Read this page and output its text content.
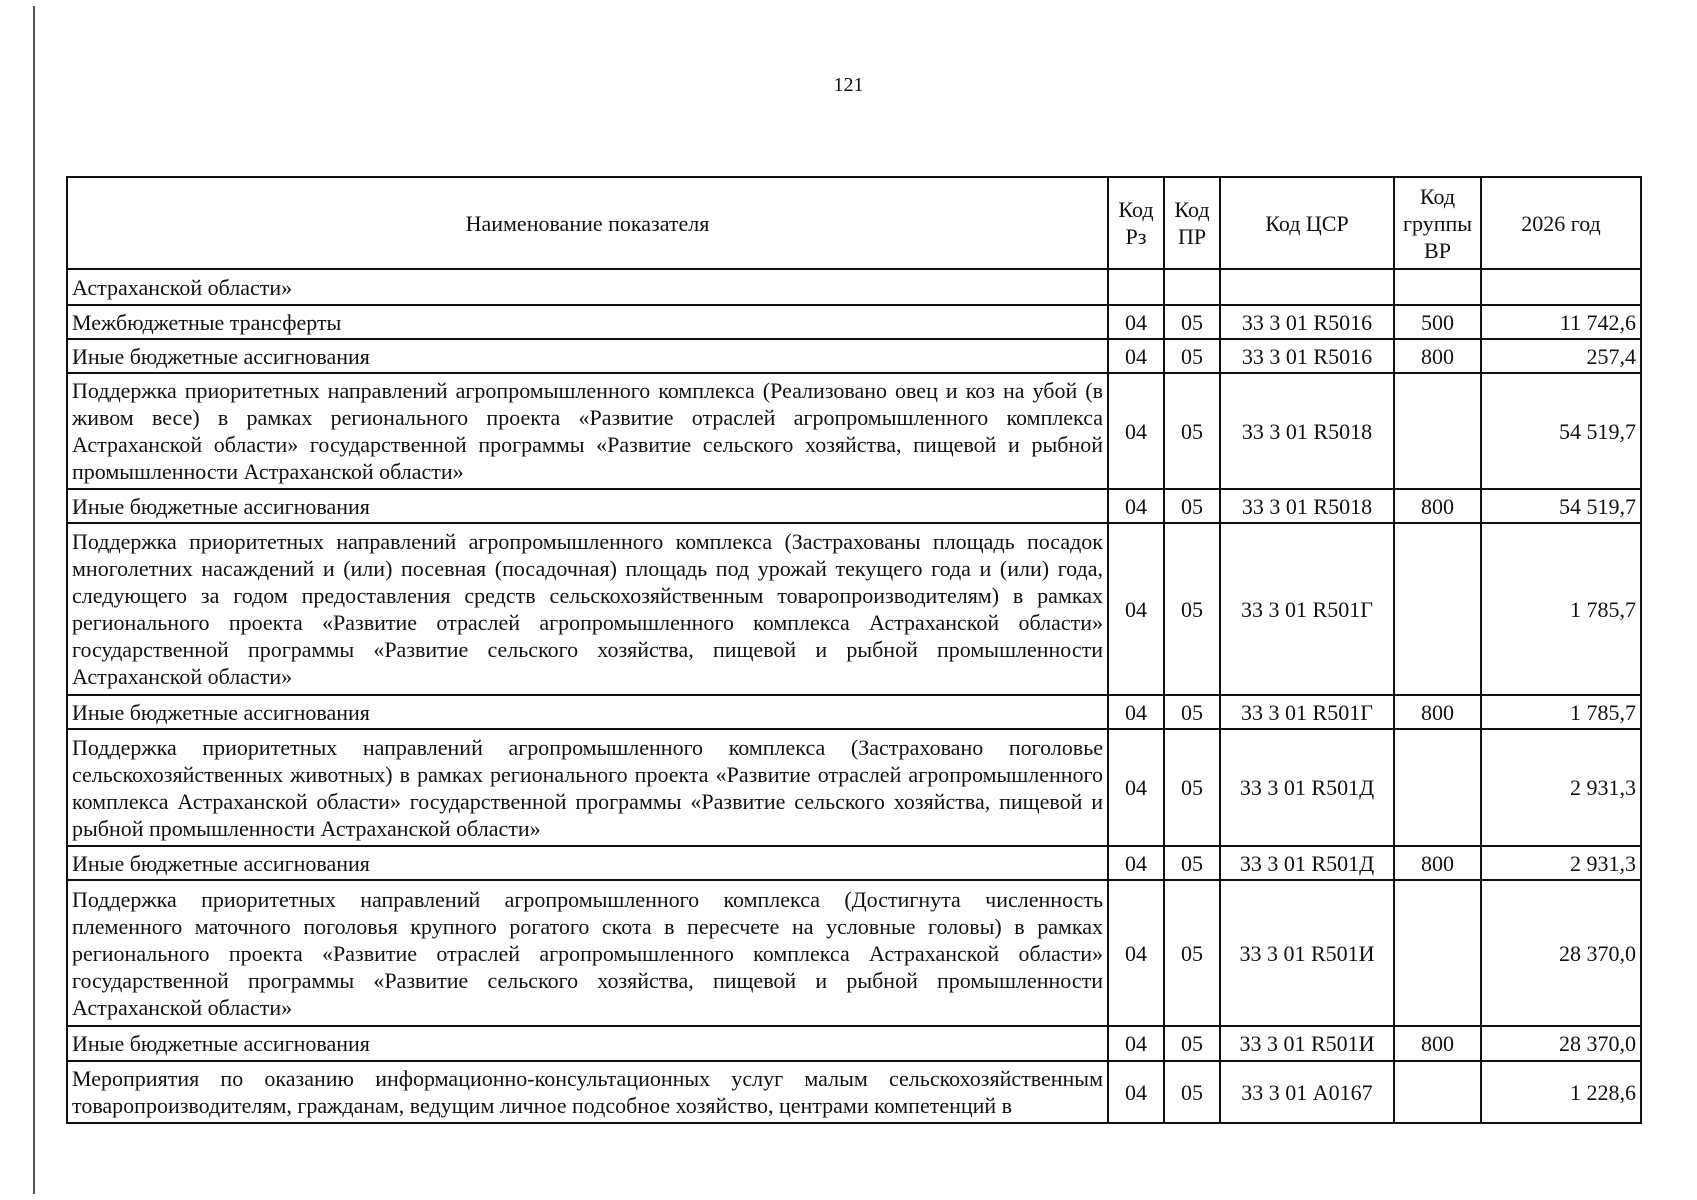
121
Наименование показателя	Код Рз	Код ПР	Код ЦСР	Код группы ВР	2026 год
Астраханской области»					
Межбюджетные трансферты	04	05	33 3 01 R5016	500	11 742,6
Иные бюджетные ассигнования	04	05	33 3 01 R5016	800	257,4
Поддержка приоритетных направлений агропромышленного комплекса (Реализовано овец и коз на убой (в живом весе) в рамках регионального проекта «Развитие отраслей агропромышленного комплекса Астраханской области» государственной программы «Развитие сельского хозяйства, пищевой и рыбной промышленности Астраханской области»	04	05	33 3 01 R5018		54 519,7
Иные бюджетные ассигнования	04	05	33 3 01 R5018	800	54 519,7
Поддержка приоритетных направлений агропромышленного комплекса (Застрахованы площадь посадок многолетних насаждений и (или) посевная (посадочная) площадь под урожай текущего года и (или) года, следующего за годом предоставления средств сельскохозяйственным товаропроизводителям) в рамках регионального проекта «Развитие отраслей агропромышленного комплекса Астраханской области» государственной программы «Развитие сельского хозяйства, пищевой и рыбной промышленности Астраханской области»	04	05	33 3 01 R501Г		1 785,7
Иные бюджетные ассигнования	04	05	33 3 01 R501Г	800	1 785,7
Поддержка приоритетных направлений агропромышленного комплекса (Застраховано поголовье сельскохозяйственных животных) в рамках регионального проекта «Развитие отраслей агропромышленного комплекса Астраханской области» государственной программы «Развитие сельского хозяйства, пищевой и рыбной промышленности Астраханской области»	04	05	33 3 01 R501Д		2 931,3
Иные бюджетные ассигнования	04	05	33 3 01 R501Д	800	2 931,3
Поддержка приоритетных направлений агропромышленного комплекса (Достигнута численность племенного маточного поголовья крупного рогатого скота в пересчете на условные головы) в рамках регионального проекта «Развитие отраслей агропромышленного комплекса Астраханской области» государственной программы «Развитие сельского хозяйства, пищевой и рыбной промышленности Астраханской области»	04	05	33 3 01 R501И		28 370,0
Иные бюджетные ассигнования	04	05	33 3 01 R501И	800	28 370,0
Мероприятия по оказанию информационно-консультационных услуг малым сельскохозяйственным товаропроизводителям, гражданам, ведущим личное подсобное хозяйство, центрами компетенций в	04	05	33 3 01 А0167		1 228,6
